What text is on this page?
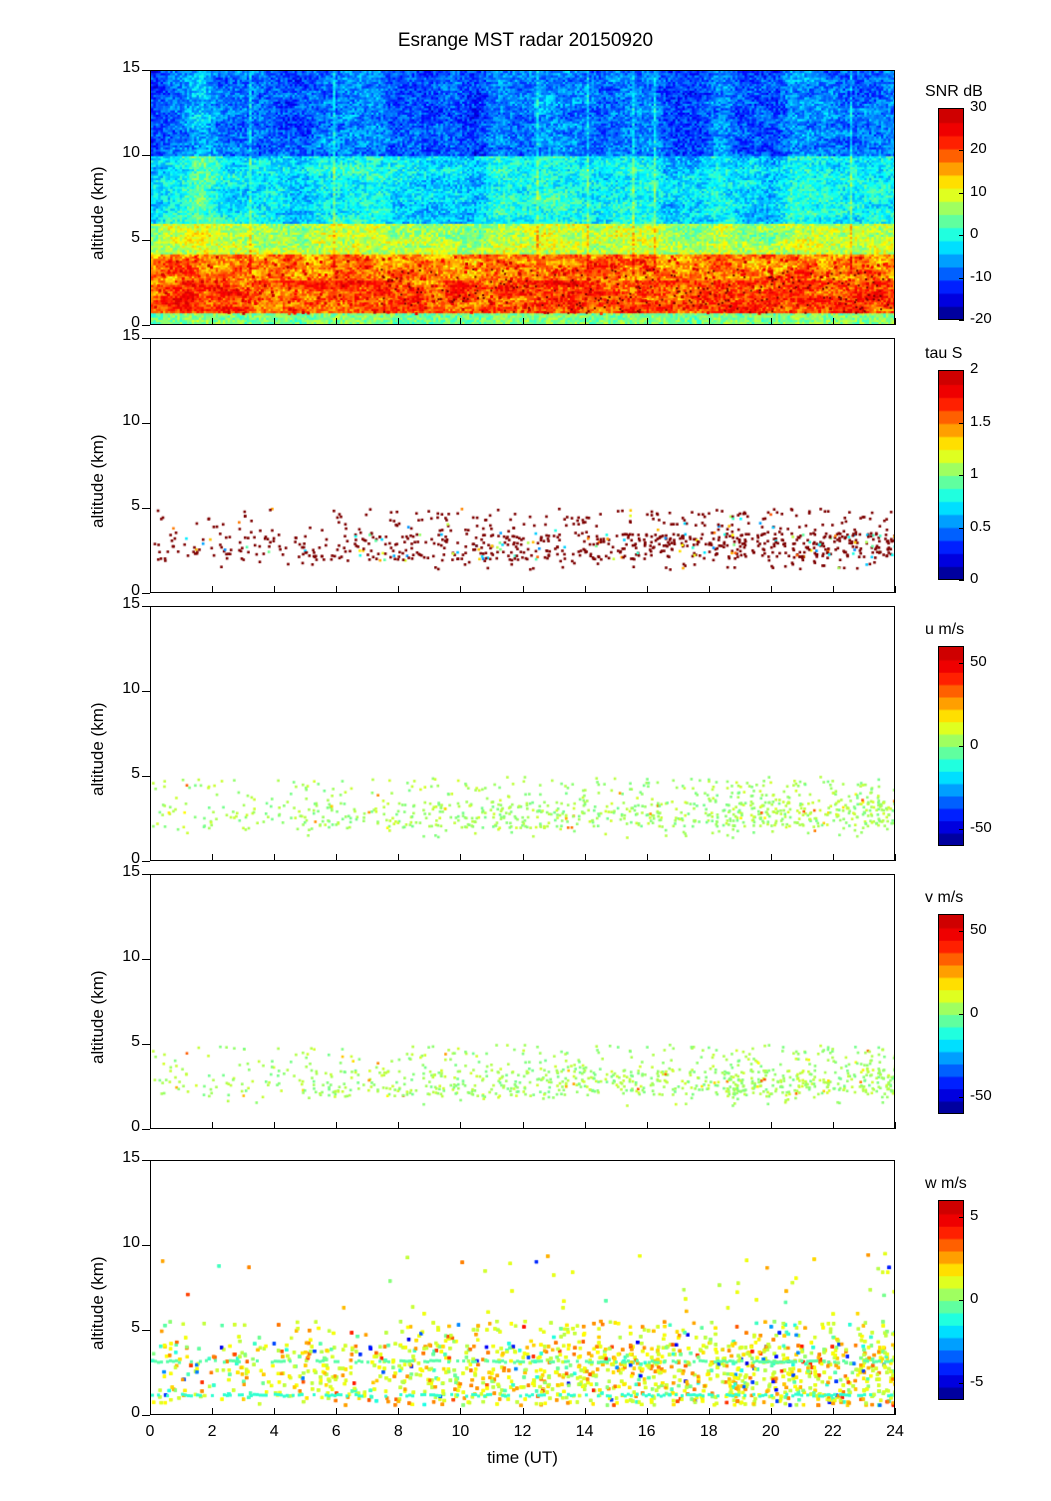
Esrange MST radar 20150920
time (UT)
0
5
10
15
altitude (km)
SNR dB
-20
-10
0
10
20
30
0
5
10
15
altitude (km)
tau S
0
0.5
1
1.5
2
0
5
10
15
altitude (km)
u m/s
-50
0
50
0
5
10
15
altitude (km)
v m/s
-50
0
50
0
5
10
15
altitude (km)
w m/s
-5
0
5
0	2	4	6	8	10	12	14	16	18	20	22	24
